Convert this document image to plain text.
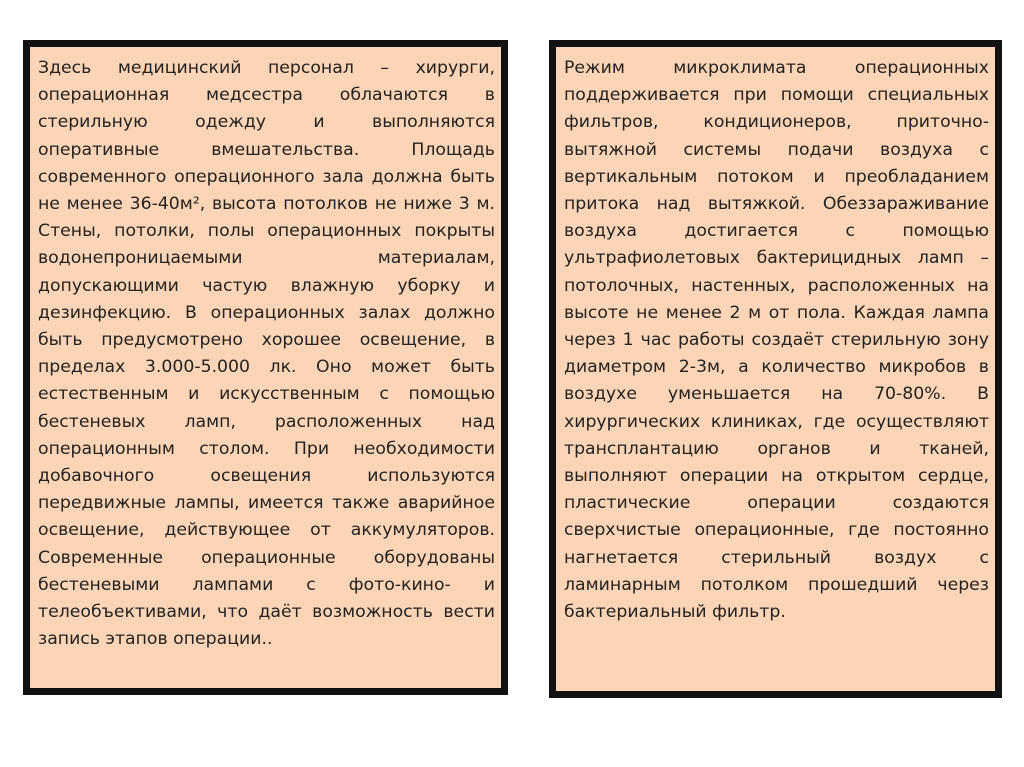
Здесь медицинский персонал – хирурги, операционная медсестра облачаются в стерильную одежду и выполняются оперативные вмешательства. Площадь современного операционного зала должна быть не менее 36-40м², высота потолков не ниже 3 м. Стены, потолки, полы операционных покрыты водонепроницаемыми материалам, допускающими частую влажную уборку и дезинфекцию. В операционных залах должно быть предусмотрено хорошее освещение, в пределах 3.000-5.000 лк. Оно может быть естественным и искусственным с помощью бестеневых ламп, расположенных над операционным столом. При необходимости добавочного освещения используются передвижные лампы, имеется также аварийное освещение, действующее от аккумуляторов. Современные операционные оборудованы бестеневыми лампами с фото-кино- и телеобъективами, что даёт возможность вести запись этапов операции..

Режим микроклимата операционных поддерживается при помощи специальных фильтров, кондиционеров, приточно-вытяжной системы подачи воздуха с вертикальным потоком и преобладанием притока над вытяжкой. Обеззараживание воздуха достигается с помощью ультрафиолетовых бактерицидных ламп – потолочных, настенных, расположенных на высоте не менее 2 м от пола. Каждая лампа через 1 час работы создаёт стерильную зону диаметром 2-3м, а количество микробов в воздухе уменьшается на 70-80%. В хирургических клиниках, где осуществляют трансплантацию органов и тканей, выполняют операции на открытом сердце, пластические операции создаются сверхчистые операционные, где постоянно нагнетается стерильный воздух с ламинарным потолком прошедший через бактериальный фильтр.
